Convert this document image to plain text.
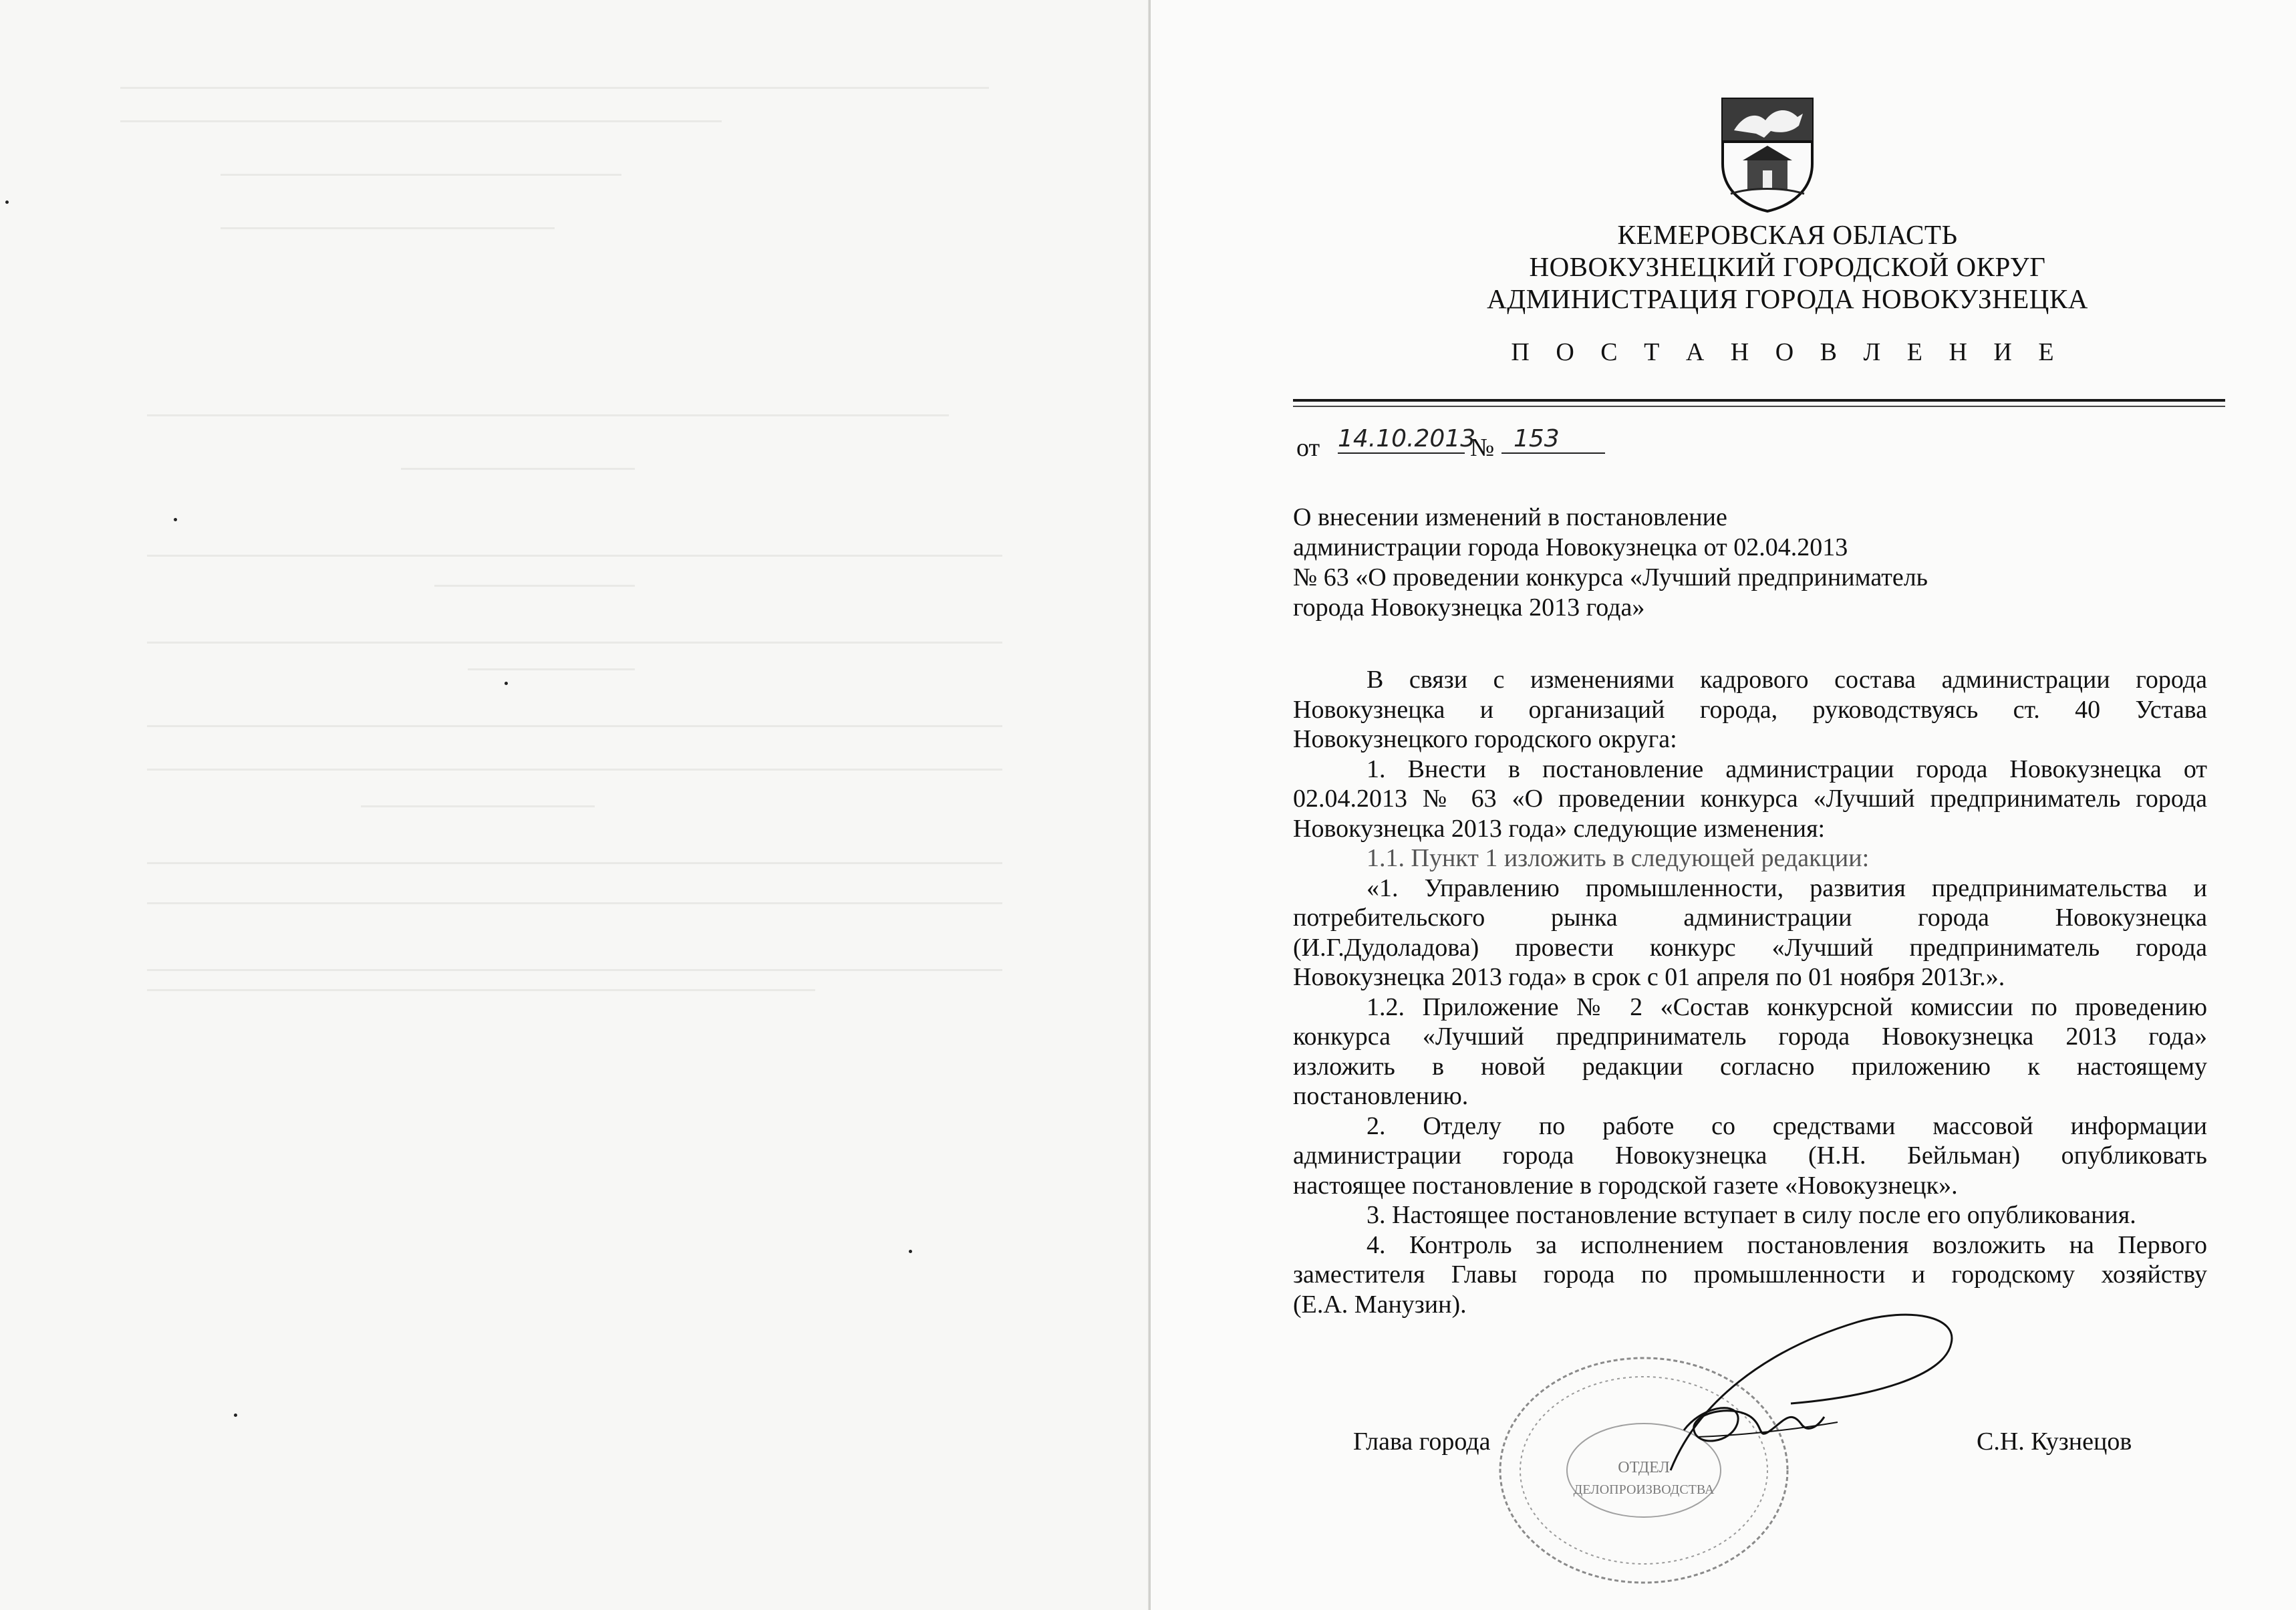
КЕМЕРОВСКАЯ ОБЛАСТЬ
НОВОКУЗНЕЦКИЙ ГОРОДСКОЙ ОКРУГ
АДМИНИСТРАЦИЯ ГОРОДА НОВОКУЗНЕЦКА
П О С Т А Н О В Л Е Н И Е
от 14.10.2013
№ 153
О внесении изменений в постановление
администрации города Новокузнецка от 02.04.2013
№ 63 «О проведении конкурса «Лучший предприниматель
города Новокузнецка 2013 года»
В связи с изменениями кадрового состава администрации города
Новокузнецка и организаций города, руководствуясь ст. 40 Устава
Новокузнецкого городского округа:
1. Внести в постановление администрации города Новокузнецка от
02.04.2013 № 63 «О проведении конкурса «Лучший предприниматель города
Новокузнецка 2013 года» следующие изменения:
1.1. Пункт 1 изложить в следующей редакции:
«1. Управлению промышленности, развития предпринимательства и
потребительского рынка администрации города Новокузнецка
(И.Г.Дудоладова) провести конкурс «Лучший предприниматель города
Новокузнецка 2013 года» в срок с 01 апреля по 01 ноября 2013г.».
1.2. Приложение № 2 «Состав конкурсной комиссии по проведению
конкурса «Лучший предприниматель города Новокузнецка 2013 года»
изложить в новой редакции согласно приложению к настоящему
постановлению.
2. Отделу по работе со средствами массовой информации
администрации города Новокузнецка (Н.Н. Бейльман) опубликовать
настоящее постановление в городской газете «Новокузнецк».
3. Настоящее постановление вступает в силу после его опубликования.
4. Контроль за исполнением постановления возложить на Первого
заместителя Главы города по промышленности и городскому хозяйству
(Е.А. Манузин).
ОТДЕЛ
ДЕЛОПРОИЗВОДСТВА
Глава города	С.Н. Кузнецов
